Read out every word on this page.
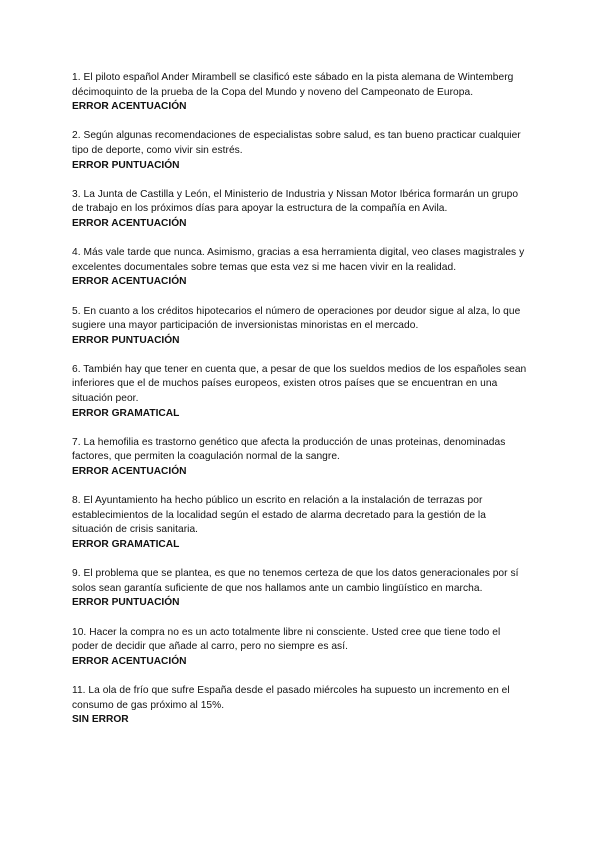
1. El piloto español Ander Mirambell se clasificó este sábado en la pista alemana de Wintemberg décimoquinto de la prueba de la Copa del Mundo y noveno del Campeonato de Europa.

ERROR ACENTUACIÓN

2. Según algunas recomendaciones de especialistas sobre salud, es tan bueno practicar cualquier tipo de deporte, como vivir sin estrés.

ERROR PUNTUACIÓN

3. La Junta de Castilla y León, el Ministerio de Industria y Nissan Motor Ibérica formarán un grupo de trabajo en los próximos días para apoyar la estructura de la compañía en Avila.

ERROR ACENTUACIÓN

4. Más vale tarde que nunca. Asimismo, gracias a esa herramienta digital, veo clases magistrales y excelentes documentales sobre temas que esta vez si me hacen vivir en la realidad.

ERROR ACENTUACIÓN

5. En cuanto a los créditos hipotecarios el número de operaciones por deudor sigue al alza, lo que sugiere una mayor participación de inversionistas minoristas en el mercado.

ERROR PUNTUACIÓN

6. También hay que tener en cuenta que, a pesar de que los sueldos medios de los españoles sean inferiores que el de muchos países europeos, existen otros países que se encuentran en una situación peor.

ERROR GRAMATICAL

7. La hemofilia es trastorno genético que afecta la producción de unas proteinas, denominadas factores, que permiten la coagulación normal de la sangre.

ERROR ACENTUACIÓN

8. El Ayuntamiento ha hecho público un escrito en relación a la instalación de terrazas por establecimientos de la localidad según el estado de alarma decretado para la gestión de la situación de crisis sanitaria.

ERROR GRAMATICAL

9. El problema que se plantea, es que no tenemos certeza de que los datos generacionales por sí solos sean garantía suficiente de que nos hallamos ante un cambio lingüístico en marcha.

ERROR PUNTUACIÓN

10. Hacer la compra no es un acto totalmente libre ni consciente. Usted cree que tiene todo el poder de decidir que añade al carro, pero no siempre es así.

ERROR ACENTUACIÓN

11. La ola de frío que sufre España desde el pasado miércoles ha supuesto un incremento en el consumo de gas próximo al 15%.

SIN ERROR
